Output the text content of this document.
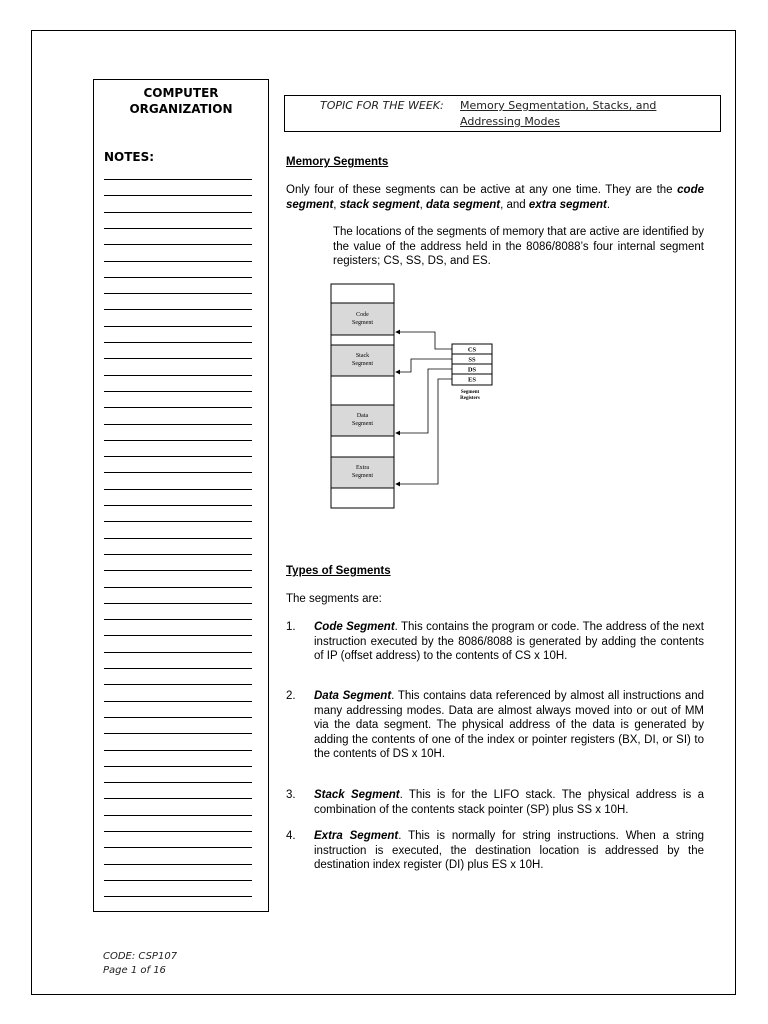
COMPUTER
ORGANIZATION
NOTES:
TOPIC FOR THE WEEK: Memory Segmentation, Stacks, and Addressing Modes
Memory Segments
Only four of these segments can be active at any one time. They are the code segment, stack segment, data segment, and extra segment.
The locations of the segments of memory that are active are identified by the value of the address held in the 8086/8088’s four internal segment registers; CS, SS, DS, and ES.
Code
Segment
Stack
Segment
Data
Segment
Extra
Segment
CS
SS
DS
ES
Segment
Registers
Types of Segments
The segments are:
1. Code Segment. This contains the program or code. The address of the next instruction executed by the 8086/8088 is generated by adding the contents of IP (offset address) to the contents of CS x 10H.
2. Data Segment. This contains data referenced by almost all instructions and many addressing modes. Data are almost always moved into or out of MM via the data segment. The physical address of the data is generated by adding the contents of one of the index or pointer registers (BX, DI, or SI) to the contents of DS x 10H.
3. Stack Segment. This is for the LIFO stack. The physical address is a combination of the contents stack pointer (SP) plus SS x 10H.
4. Extra Segment. This is normally for string instructions. When a string instruction is executed, the destination location is addressed by the destination index register (DI) plus ES x 10H.
CODE: CSP107
Page 1 of 16
